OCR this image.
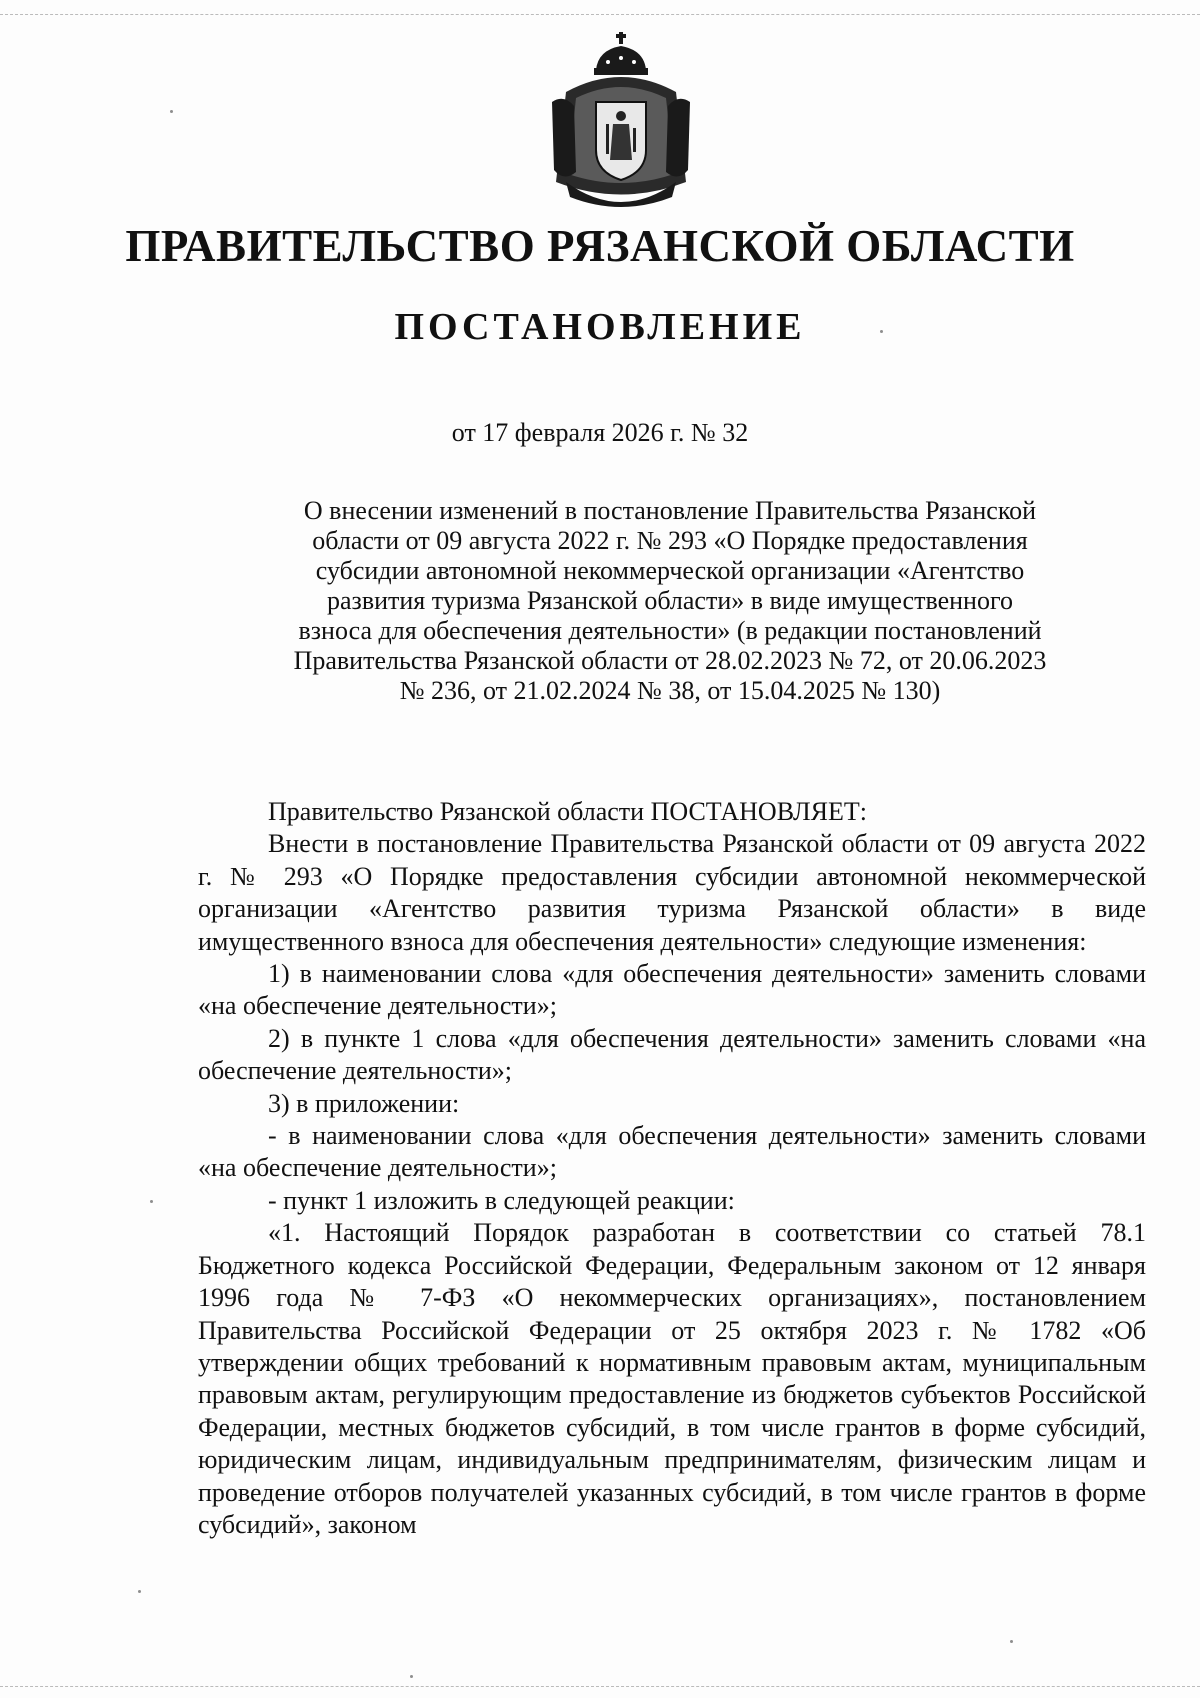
ПРАВИТЕЛЬСТВО РЯЗАНСКОЙ ОБЛАСТИ
ПОСТАНОВЛЕНИЕ
от 17 февраля 2026 г. № 32
О внесении изменений в постановление Правительства Рязанской
области от 09 августа 2022 г. № 293 «О Порядке предоставления
субсидии автономной некоммерческой организации «Агентство
развития туризма Рязанской области» в виде имущественного
взноса для обеспечения деятельности» (в редакции постановлений
Правительства Рязанской области от 28.02.2023 № 72, от 20.06.2023
№ 236, от 21.02.2024 № 38, от 15.04.2025 № 130)

Правительство Рязанской области ПОСТАНОВЛЯЕТ:

Внести в постановление Правительства Рязанской области от 09 августа 2022 г. № 293 «О Порядке предоставления субсидии автономной некоммерческой организации «Агентство развития туризма Рязанской области» в виде имущественного взноса для обеспечения деятельности» следующие изменения:

1) в наименовании слова «для обеспечения деятельности» заменить словами «на обеспечение деятельности»;

2) в пункте 1 слова «для обеспечения деятельности» заменить словами «на обеспечение деятельности»;

3) в приложении:

- в наименовании слова «для обеспечения деятельности» заменить словами «на обеспечение деятельности»;

- пункт 1 изложить в следующей реакции:

«1. Настоящий Порядок разработан в соответствии со статьей 78.1 Бюджетного кодекса Российской Федерации, Федеральным законом от 12 января 1996 года № 7-ФЗ «О некоммерческих организациях», постановлением Правительства Российской Федерации от 25 октября 2023 г. № 1782 «Об утверждении общих требований к нормативным правовым актам, муниципальным правовым актам, регулирующим предоставление из бюджетов субъектов Российской Федерации, местных бюджетов субсидий, в том числе грантов в форме субсидий, юридическим лицам, индивидуальным предпринимателям, физическим лицам и проведение отборов получателей указанных субсидий, в том числе грантов в форме субсидий», законом
